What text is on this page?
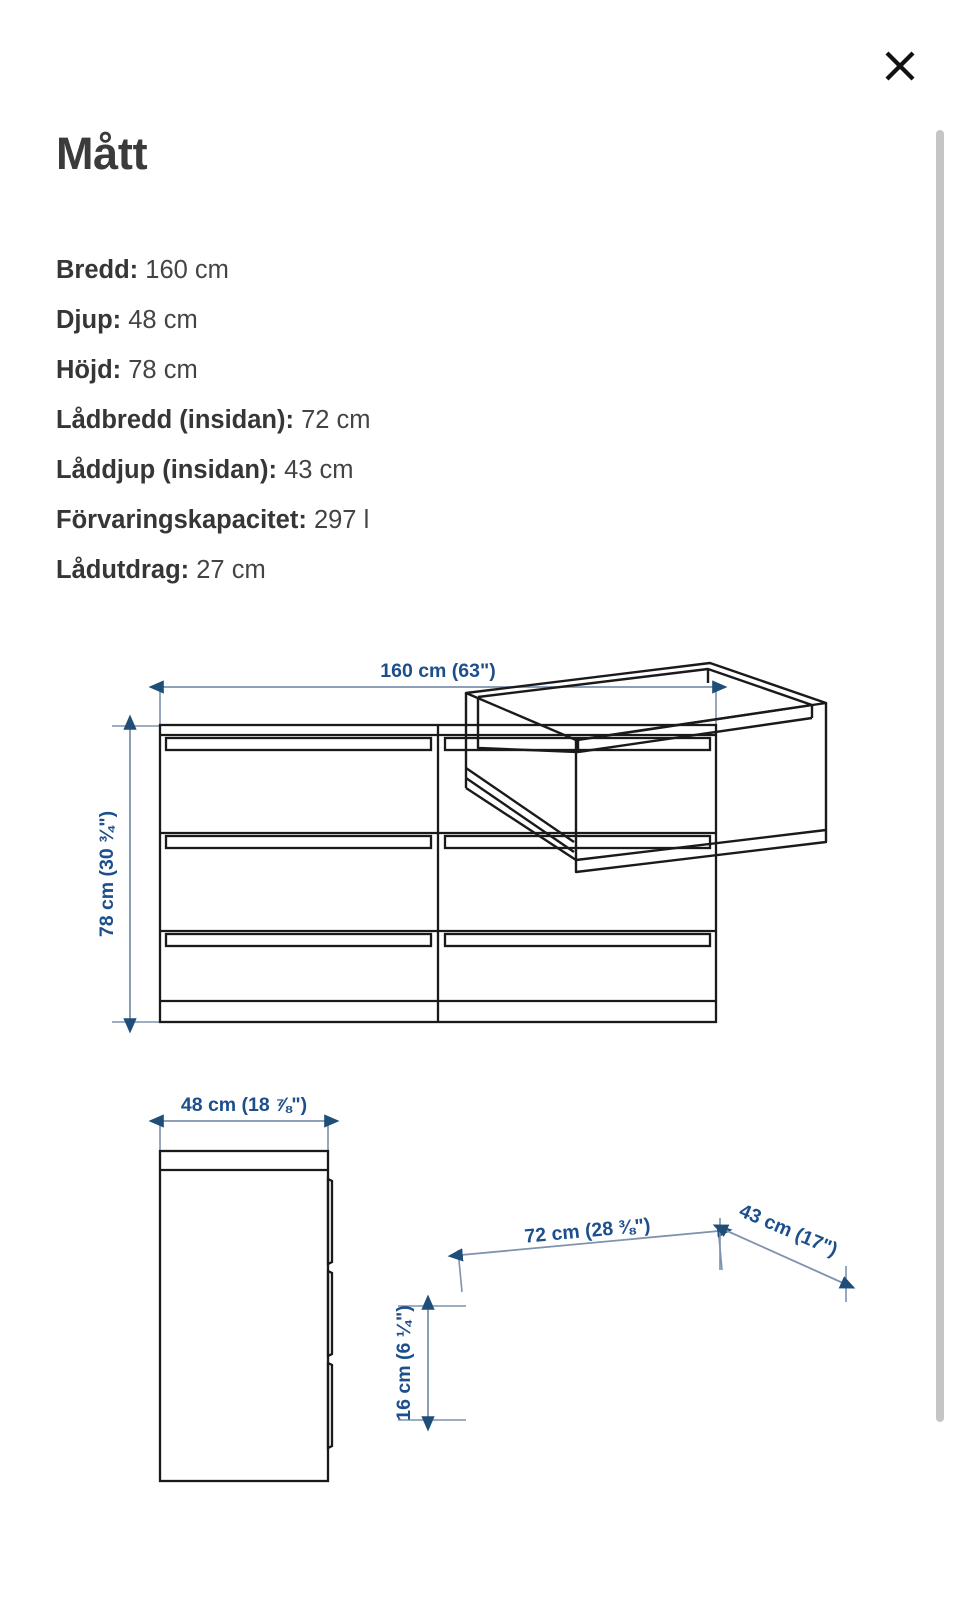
Mått
Bredd: 160 cm
Djup: 48 cm
Höjd: 78 cm
Lådbredd (insidan): 72 cm
Låddjup (insidan): 43 cm
Förvaringskapacitet: 297 l
Lådutdrag: 27 cm
160 cm (63")
78 cm (30 ¾")
48 cm (18 ⅞")
72 cm (28 ⅜")	43 cm (17")
16 cm (6 ¼")
